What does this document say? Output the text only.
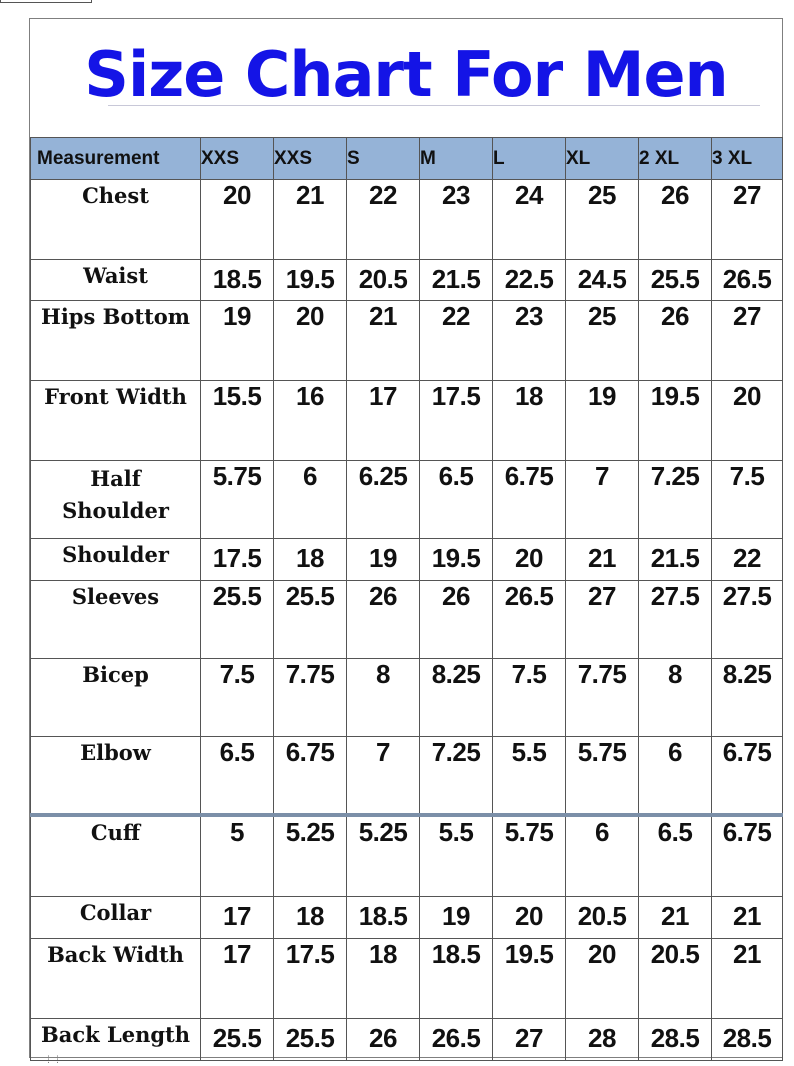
Size Chart For Men
Measurement	XXS	XXS	S	M	L	XL	2 XL	3 XL
Chest	20	21	22	23	24	25	26	27
Waist	18.5	19.5	20.5	21.5	22.5	24.5	25.5	26.5
Hips Bottom	19	20	21	22	23	25	26	27
Front Width	15.5	16	17	17.5	18	19	19.5	20
Half Shoulder	5.75	6	6.25	6.5	6.75	7	7.25	7.5
Shoulder	17.5	18	19	19.5	20	21	21.5	22
Sleeves	25.5	25.5	26	26	26.5	27	27.5	27.5
Bicep	7.5	7.75	8	8.25	7.5	7.75	8	8.25
Elbow	6.5	6.75	7	7.25	5.5	5.75	6	6.75
Cuff	5	5.25	5.25	5.5	5.75	6	6.5	6.75
Collar	17	18	18.5	19	20	20.5	21	21
Back Width	17	17.5	18	18.5	19.5	20	20.5	21
Back Length	25.5	25.5	26	26.5	27	28	28.5	28.5
⋮⋮
